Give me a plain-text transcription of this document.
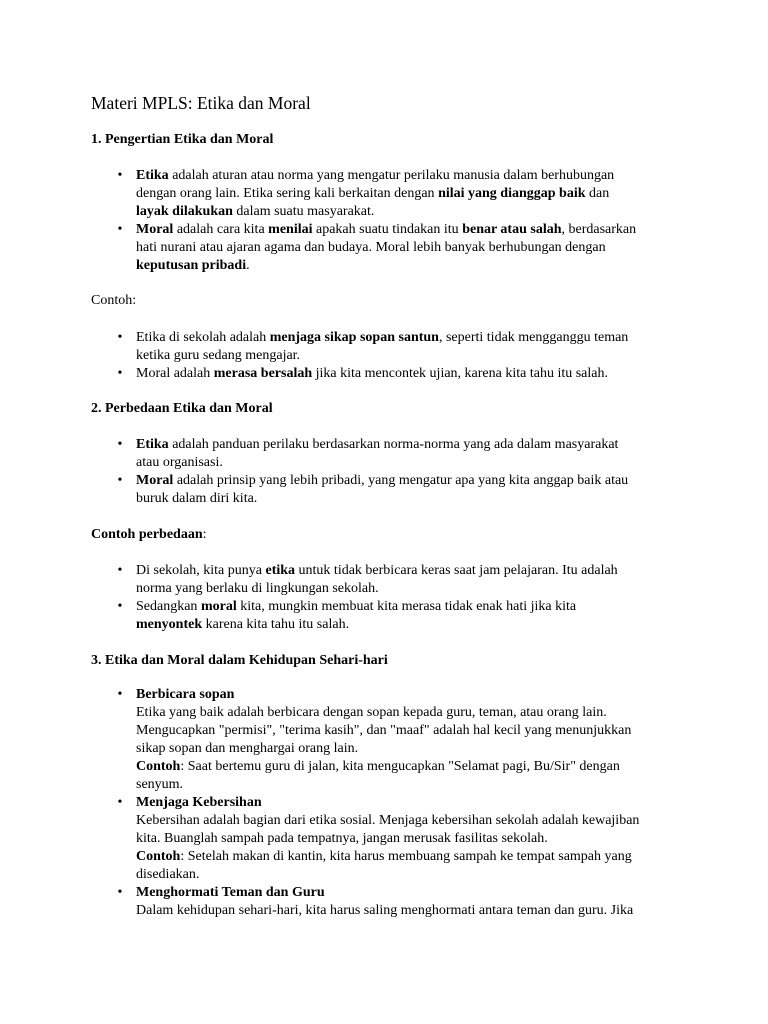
Materi MPLS: Etika dan Moral
1. Pengertian Etika dan Moral
• Etika adalah aturan atau norma yang mengatur perilaku manusia dalam berhubungan
dengan orang lain. Etika sering kali berkaitan dengan nilai yang dianggap baik dan
layak dilakukan dalam suatu masyarakat.
• Moral adalah cara kita menilai apakah suatu tindakan itu benar atau salah, berdasarkan
hati nurani atau ajaran agama dan budaya. Moral lebih banyak berhubungan dengan
keputusan pribadi.

Contoh:

• Etika di sekolah adalah menjaga sikap sopan santun, seperti tidak mengganggu teman
ketika guru sedang mengajar.
• Moral adalah merasa bersalah jika kita mencontek ujian, karena kita tahu itu salah.
2. Perbedaan Etika dan Moral
• Etika adalah panduan perilaku berdasarkan norma-norma yang ada dalam masyarakat
atau organisasi.
• Moral adalah prinsip yang lebih pribadi, yang mengatur apa yang kita anggap baik atau
buruk dalam diri kita.

Contoh perbedaan:

• Di sekolah, kita punya etika untuk tidak berbicara keras saat jam pelajaran. Itu adalah
norma yang berlaku di lingkungan sekolah.
• Sedangkan moral kita, mungkin membuat kita merasa tidak enak hati jika kita
menyontek karena kita tahu itu salah.
3. Etika dan Moral dalam Kehidupan Sehari-hari
• Berbicara sopan
Etika yang baik adalah berbicara dengan sopan kepada guru, teman, atau orang lain.
Mengucapkan "permisi", "terima kasih", dan "maaf" adalah hal kecil yang menunjukkan
sikap sopan dan menghargai orang lain.
Contoh: Saat bertemu guru di jalan, kita mengucapkan "Selamat pagi, Bu/Sir" dengan
senyum.
• Menjaga Kebersihan
Kebersihan adalah bagian dari etika sosial. Menjaga kebersihan sekolah adalah kewajiban
kita. Buanglah sampah pada tempatnya, jangan merusak fasilitas sekolah.
Contoh: Setelah makan di kantin, kita harus membuang sampah ke tempat sampah yang
disediakan.
• Menghormati Teman dan Guru
Dalam kehidupan sehari-hari, kita harus saling menghormati antara teman dan guru. Jika
